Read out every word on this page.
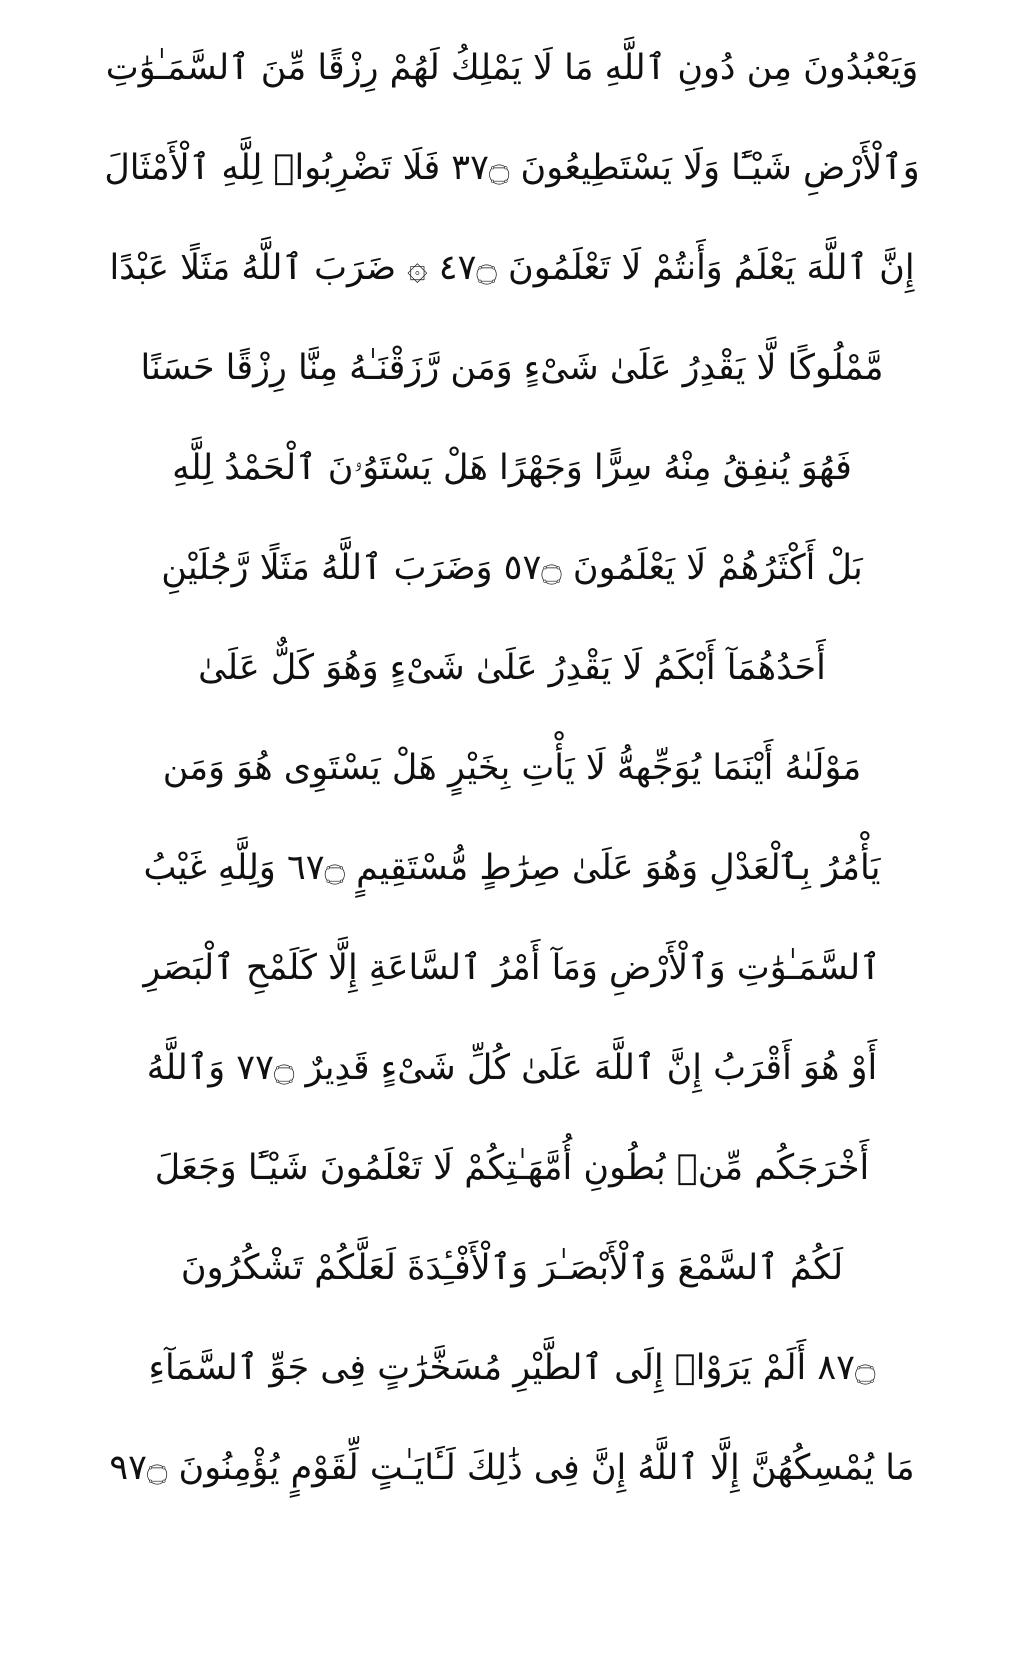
وَيَعْبُدُونَ مِن دُونِ ٱللَّهِ مَا لَا يَمْلِكُ لَهُمْ رِزْقًا مِّنَ ٱلسَّمَـٰوَٰتِ
وَٱلْأَرْضِ شَيْـًٔا وَلَا يَسْتَطِيعُونَ ۝٧٣ فَلَا تَضْرِبُوا۟ لِلَّهِ ٱلْأَمْثَالَ
إِنَّ ٱللَّهَ يَعْلَمُ وَأَنتُمْ لَا تَعْلَمُونَ ۝٧٤ ۞ ضَرَبَ ٱللَّهُ مَثَلًا عَبْدًا
مَّمْلُوكًا لَّا يَقْدِرُ عَلَىٰ شَىْءٍ وَمَن رَّزَقْنَـٰهُ مِنَّا رِزْقًا حَسَنًا
فَهُوَ يُنفِقُ مِنْهُ سِرًّا وَجَهْرًا هَلْ يَسْتَوُۥنَ ٱلْحَمْدُ لِلَّهِ
بَلْ أَكْثَرُهُمْ لَا يَعْلَمُونَ ۝٧٥ وَضَرَبَ ٱللَّهُ مَثَلًا رَّجُلَيْنِ
أَحَدُهُمَآ أَبْكَمُ لَا يَقْدِرُ عَلَىٰ شَىْءٍ وَهُوَ كَلٌّ عَلَىٰ
مَوْلَىٰهُ أَيْنَمَا يُوَجِّههُّ لَا يَأْتِ بِخَيْرٍ هَلْ يَسْتَوِى هُوَ وَمَن
يَأْمُرُ بِٱلْعَدْلِ وَهُوَ عَلَىٰ صِرَٰطٍ مُّسْتَقِيمٍ ۝٧٦ وَلِلَّهِ غَيْبُ
ٱلسَّمَـٰوَٰتِ وَٱلْأَرْضِ وَمَآ أَمْرُ ٱلسَّاعَةِ إِلَّا كَلَمْحِ ٱلْبَصَرِ
أَوْ هُوَ أَقْرَبُ إِنَّ ٱللَّهَ عَلَىٰ كُلِّ شَىْءٍ قَدِيرٌ ۝٧٧ وَٱللَّهُ
أَخْرَجَكُم مِّنۢ بُطُونِ أُمَّهَـٰتِكُمْ لَا تَعْلَمُونَ شَيْـًٔا وَجَعَلَ
لَكُمُ ٱلسَّمْعَ وَٱلْأَبْصَـٰرَ وَٱلْأَفْـِٔدَةَ لَعَلَّكُمْ تَشْكُرُونَ
۝٧٨ أَلَمْ يَرَوْا۟ إِلَى ٱلطَّيْرِ مُسَخَّرَٰتٍ فِى جَوِّ ٱلسَّمَآءِ
مَا يُمْسِكُهُنَّ إِلَّا ٱللَّهُ إِنَّ فِى ذَٰلِكَ لَـَٔايَـٰتٍ لِّقَوْمٍ يُؤْمِنُونَ ۝٧٩
